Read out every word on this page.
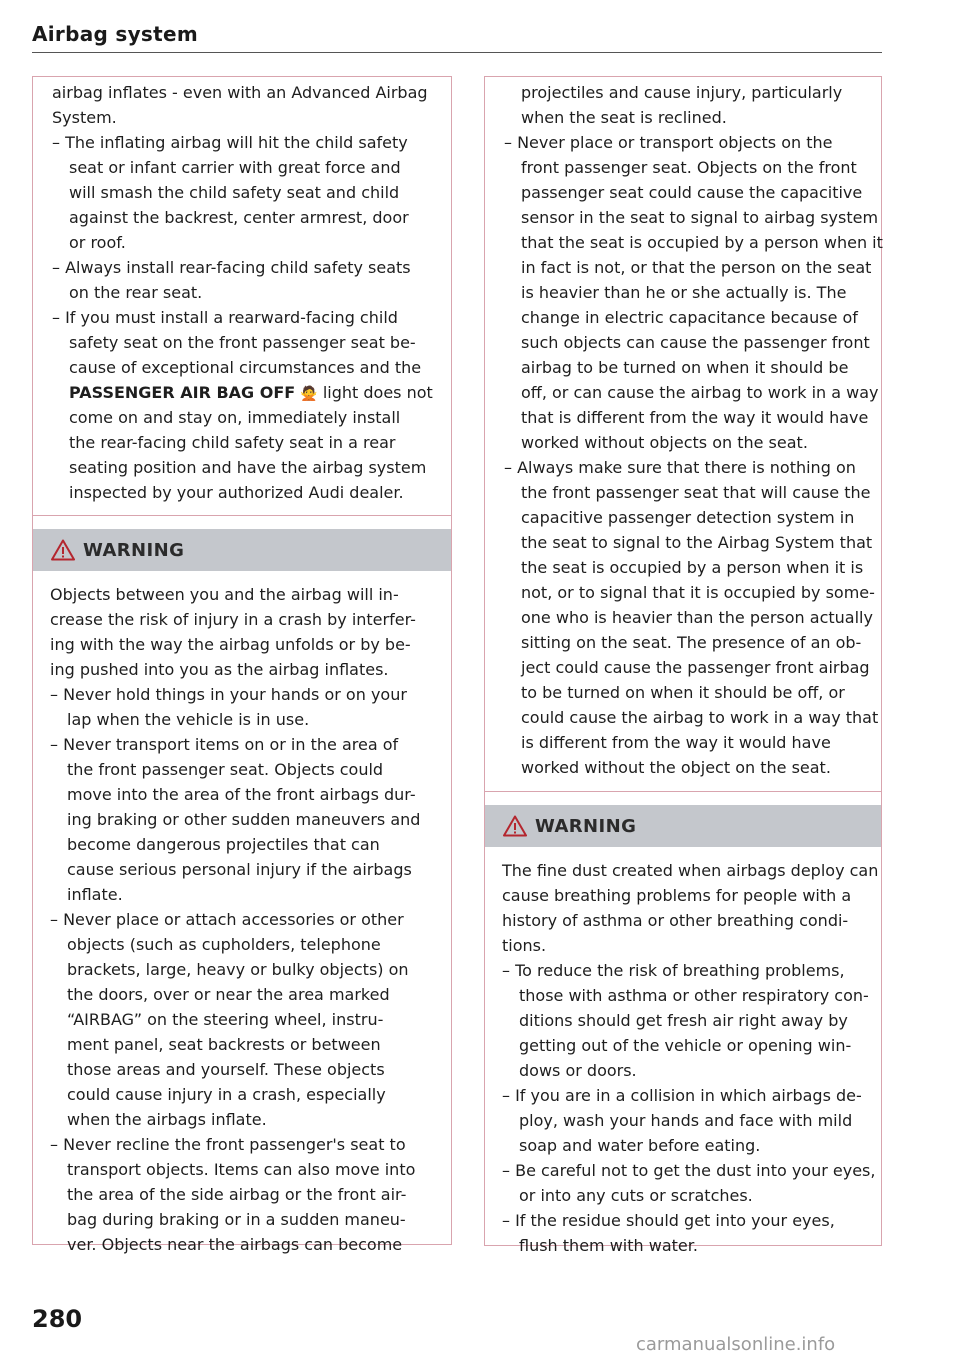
Airbag system
airbag inflates - even with an Advanced Airbag
System.
– The inflating airbag will hit the child safety
seat or infant carrier with great force and
will smash the child safety seat and child
against the backrest, center armrest, door
or roof.
– Always install rear-facing child safety seats
on the rear seat.
– If you must install a rearward-facing child
safety seat on the front passenger seat be-
cause of exceptional circumstances and the
PASSENGER AIR BAG OFF 🙅 light does not
come on and stay on, immediately install
the rear-facing child safety seat in a rear
seating position and have the airbag system
inspected by your authorized Audi dealer.
WARNING
Objects between you and the airbag will in-
crease the risk of injury in a crash by interfer-
ing with the way the airbag unfolds or by be-
ing pushed into you as the airbag inflates.
– Never hold things in your hands or on your
lap when the vehicle is in use.
– Never transport items on or in the area of
the front passenger seat. Objects could
move into the area of the front airbags dur-
ing braking or other sudden maneuvers and
become dangerous projectiles that can
cause serious personal injury if the airbags
inflate.
– Never place or attach accessories or other
objects (such as cupholders, telephone
brackets, large, heavy or bulky objects) on
the doors, over or near the area marked
“AIRBAG” on the steering wheel, instru-
ment panel, seat backrests or between
those areas and yourself. These objects
could cause injury in a crash, especially
when the airbags inflate.
– Never recline the front passenger's seat to
transport objects. Items can also move into
the area of the side airbag or the front air-
bag during braking or in a sudden maneu-
ver. Objects near the airbags can become
projectiles and cause injury, particularly
when the seat is reclined.
– Never place or transport objects on the
front passenger seat. Objects on the front
passenger seat could cause the capacitive
sensor in the seat to signal to airbag system
that the seat is occupied by a person when it
in fact is not, or that the person on the seat
is heavier than he or she actually is. The
change in electric capacitance because of
such objects can cause the passenger front
airbag to be turned on when it should be
off, or can cause the airbag to work in a way
that is different from the way it would have
worked without objects on the seat.
– Always make sure that there is nothing on
the front passenger seat that will cause the
capacitive passenger detection system in
the seat to signal to the Airbag System that
the seat is occupied by a person when it is
not, or to signal that it is occupied by some-
one who is heavier than the person actually
sitting on the seat. The presence of an ob-
ject could cause the passenger front airbag
to be turned on when it should be off, or
could cause the airbag to work in a way that
is different from the way it would have
worked without the object on the seat.
WARNING
The fine dust created when airbags deploy can
cause breathing problems for people with a
history of asthma or other breathing condi-
tions.
– To reduce the risk of breathing problems,
those with asthma or other respiratory con-
ditions should get fresh air right away by
getting out of the vehicle or opening win-
dows or doors.
– If you are in a collision in which airbags de-
ploy, wash your hands and face with mild
soap and water before eating.
– Be careful not to get the dust into your eyes,
or into any cuts or scratches.
– If the residue should get into your eyes,
flush them with water.
280
carmanualsonline.info
